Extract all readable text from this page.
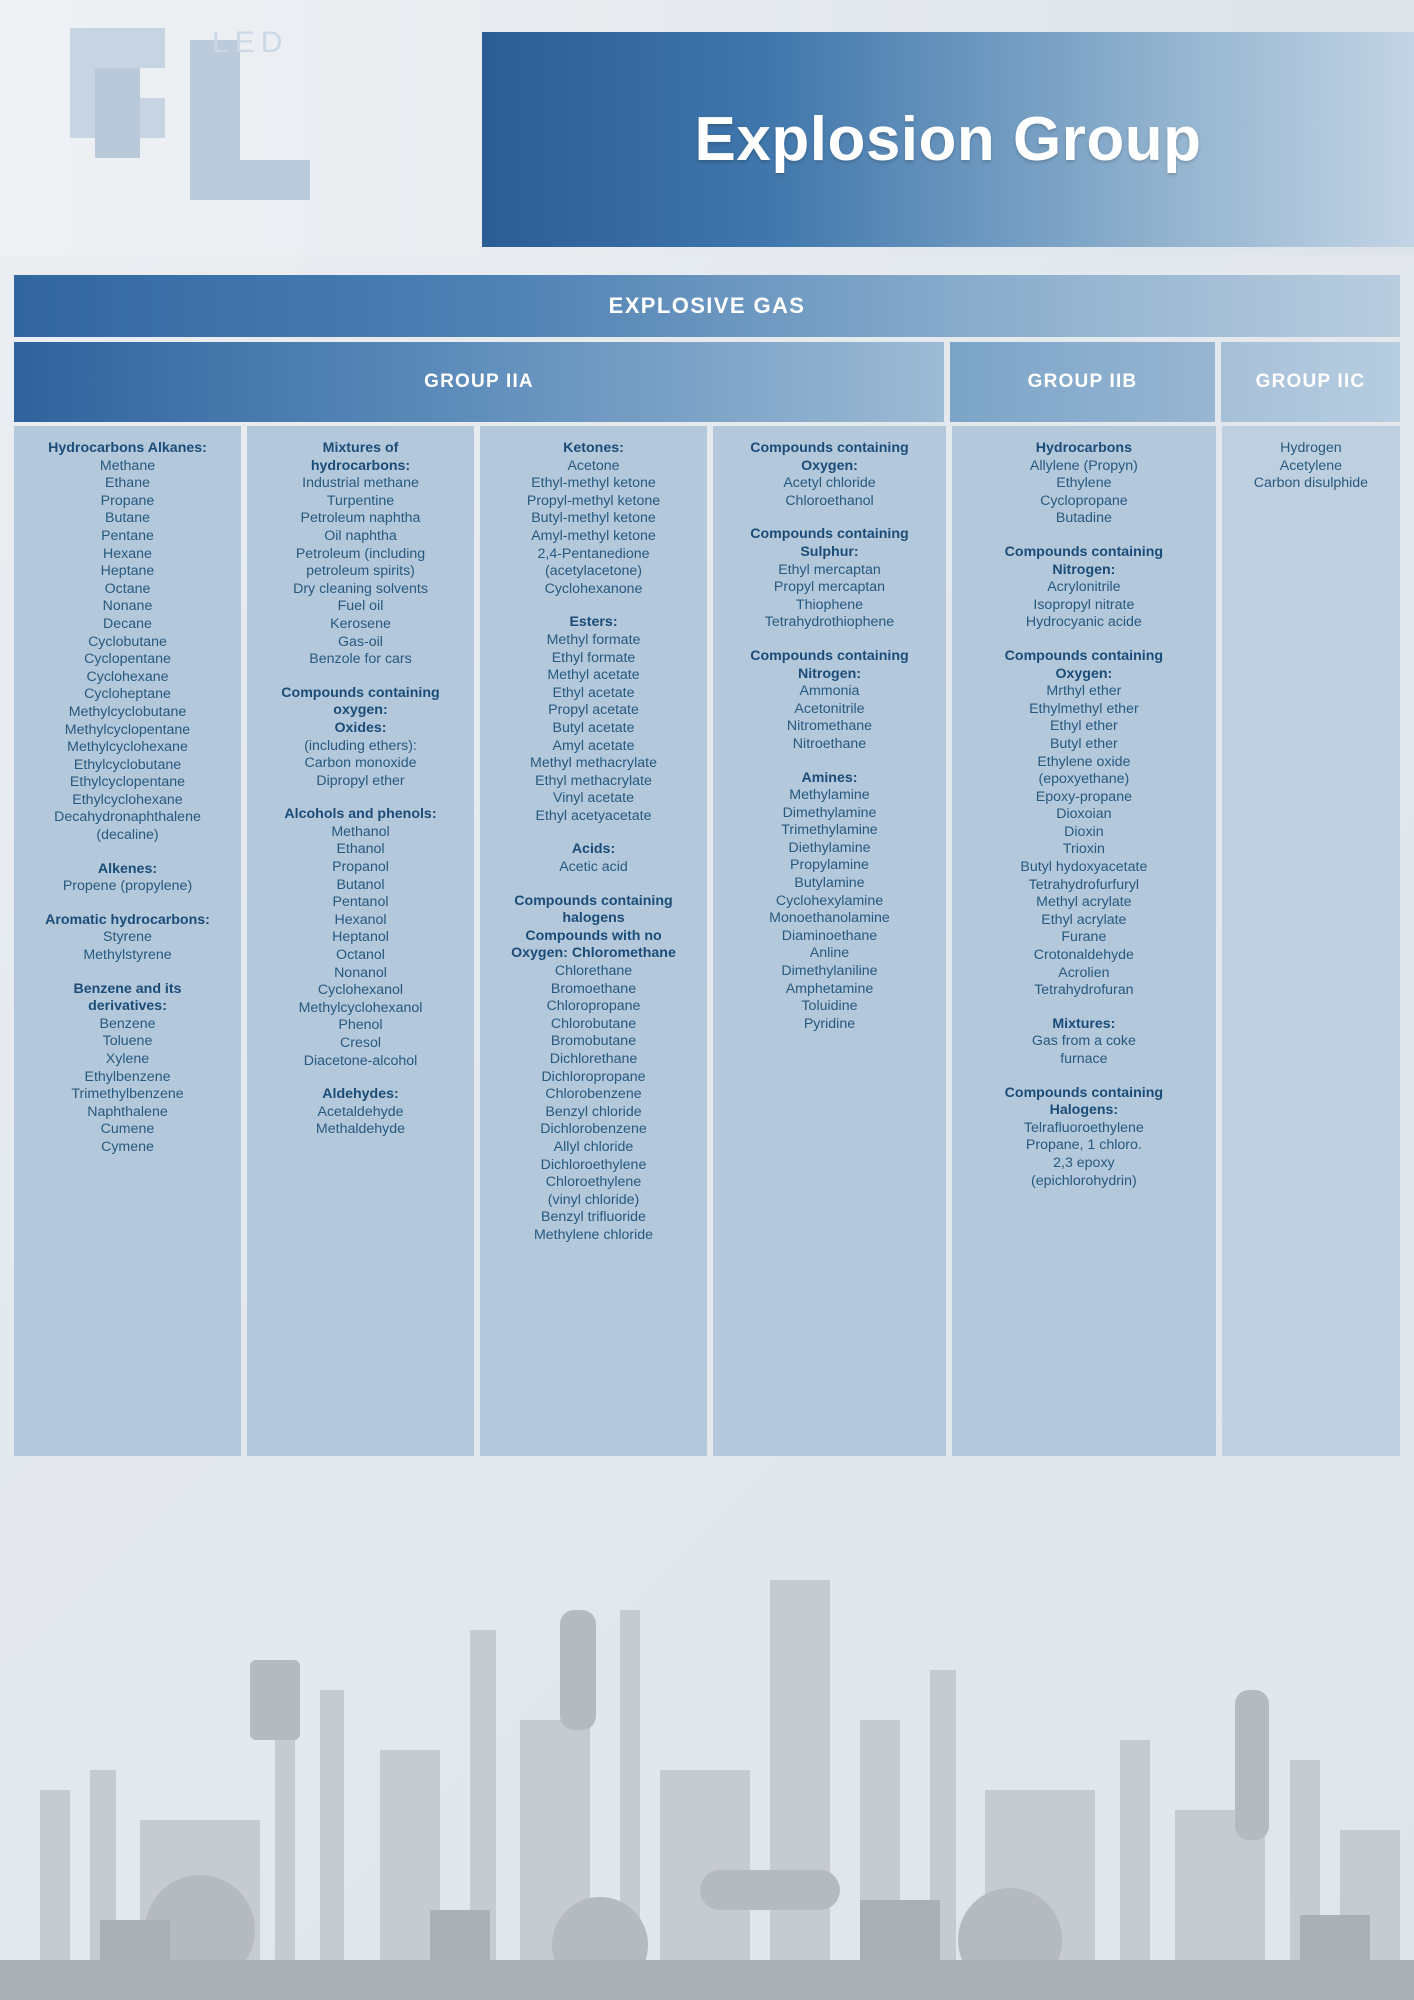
LED
Explosion Group
EXPLOSIVE GAS
GROUP IIA	GROUP IIB	GROUP IIC
Hydrocarbons Alkanes:
Methane
Ethane
Propane
Butane
Pentane
Hexane
Heptane
Octane
Nonane
Decane
Cyclobutane
Cyclopentane
Cyclohexane
Cycloheptane
Methylcyclobutane
Methylcyclopentane
Methylcyclohexane
Ethylcyclobutane
Ethylcyclopentane
Ethylcyclohexane
Decahydronaphthalene
(decaline)
Alkenes:
Propene (propylene)
Aromatic hydrocarbons:
Styrene
Methylstyrene
Benzene and its
derivatives:
Benzene
Toluene
Xylene
Ethylbenzene
Trimethylbenzene
Naphthalene
Cumene
Cymene
Mixtures of
hydrocarbons:
Industrial methane
Turpentine
Petroleum naphtha
Oil naphtha
Petroleum (including
petroleum spirits)
Dry cleaning solvents
Fuel oil
Kerosene
Gas-oil
Benzole for cars
Compounds containing
oxygen:
Oxides:
(including ethers):
Carbon monoxide
Dipropyl ether
Alcohols and phenols:
Methanol
Ethanol
Propanol
Butanol
Pentanol
Hexanol
Heptanol
Octanol
Nonanol
Cyclohexanol
Methylcyclohexanol
Phenol
Cresol
Diacetone-alcohol
Aldehydes:
Acetaldehyde
Methaldehyde
Ketones:
Acetone
Ethyl-methyl ketone
Propyl-methyl ketone
Butyl-methyl ketone
Amyl-methyl ketone
2,4-Pentanedione
(acetylacetone)
Cyclohexanone
Esters:
Methyl formate
Ethyl formate
Methyl acetate
Ethyl acetate
Propyl acetate
Butyl acetate
Amyl acetate
Methyl methacrylate
Ethyl methacrylate
Vinyl acetate
Ethyl acetyacetate
Acids:
Acetic acid
Compounds containing
halogens
Compounds with no
Oxygen: Chloromethane
Chlorethane
Bromoethane
Chloropropane
Chlorobutane
Bromobutane
Dichlorethane
Dichloropropane
Chlorobenzene
Benzyl chloride
Dichlorobenzene
Allyl chloride
Dichloroethylene
Chloroethylene
(vinyl chloride)
Benzyl trifluoride
Methylene chloride
Compounds containing
Oxygen:
Acetyl chloride
Chloroethanol
Compounds containing
Sulphur:
Ethyl mercaptan
Propyl mercaptan
Thiophene
Tetrahydrothiophene
Compounds containing
Nitrogen:
Ammonia
Acetonitrile
Nitromethane
Nitroethane
Amines:
Methylamine
Dimethylamine
Trimethylamine
Diethylamine
Propylamine
Butylamine
Cyclohexylamine
Monoethanolamine
Diaminoethane
Anline
Dimethylaniline
Amphetamine
Toluidine
Pyridine
Hydrocarbons
Allylene (Propyn)
Ethylene
Cyclopropane
Butadine
Compounds containing
Nitrogen:
Acrylonitrile
Isopropyl nitrate
Hydrocyanic acide
Compounds containing
Oxygen:
Mrthyl ether
Ethylmethyl ether
Ethyl ether
Butyl ether
Ethylene oxide
(epoxyethane)
Epoxy-propane
Dioxoian
Dioxin
Trioxin
Butyl hydoxyacetate
Tetrahydrofurfuryl
Methyl acrylate
Ethyl acrylate
Furane
Crotonaldehyde
Acrolien
Tetrahydrofuran
Mixtures:
Gas from a coke
furnace
Compounds containing
Halogens:
Telrafluoroethylene
Propane, 1 chloro.
2,3 epoxy
(epichlorohydrin)
Hydrogen
Acetylene
Carbon disulphide
